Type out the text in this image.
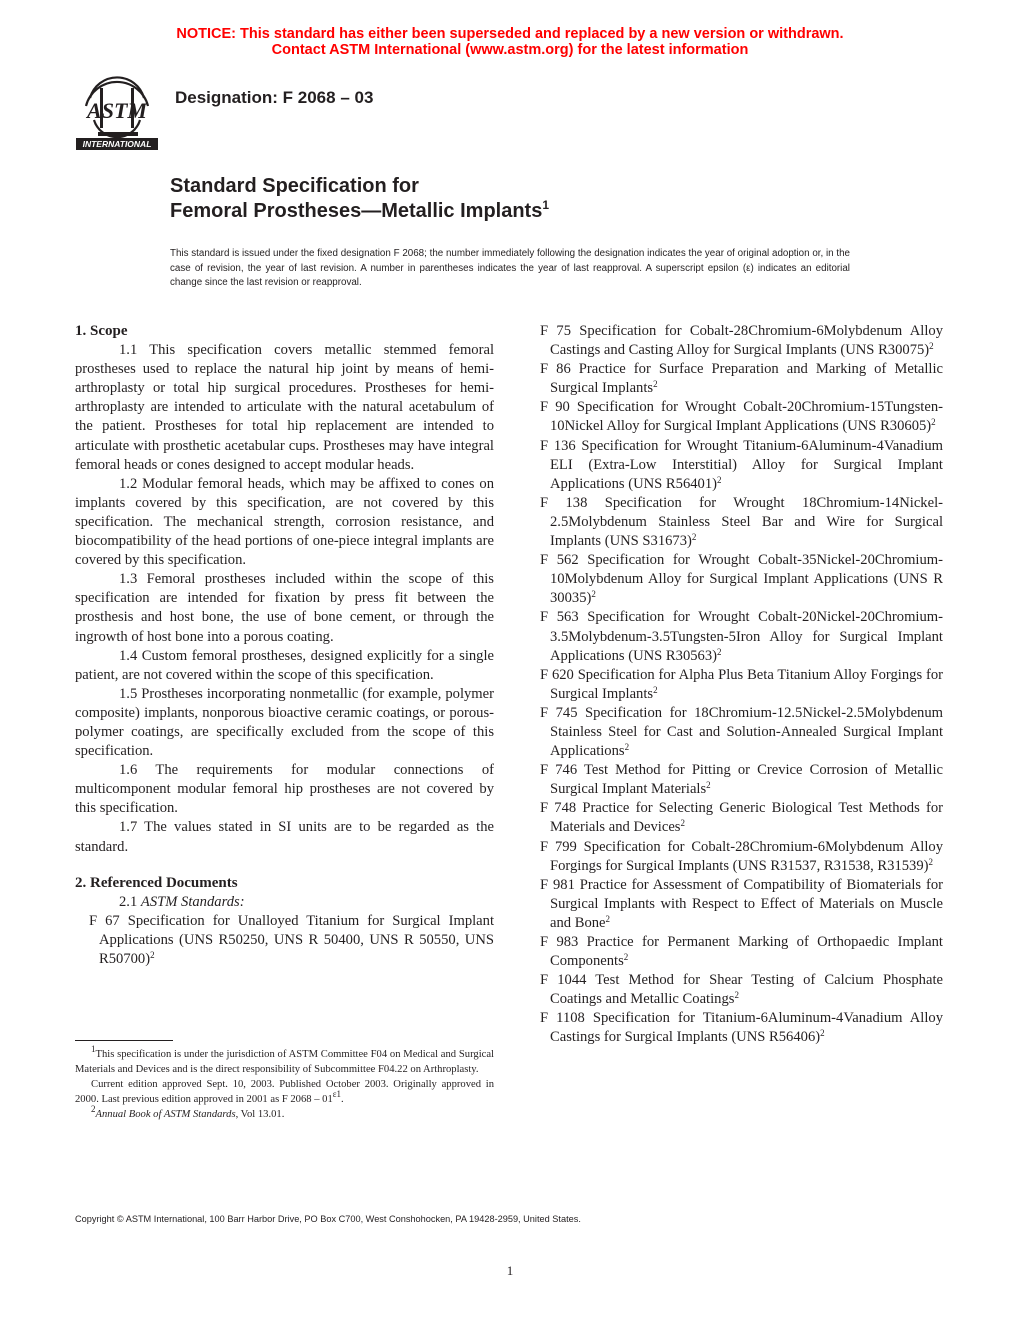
NOTICE: This standard has either been superseded and replaced by a new version or withdrawn.
Contact ASTM International (www.astm.org) for the latest information
ASTM
INTERNATIONAL
Designation: F 2068 – 03
Standard Specification for
Femoral Prostheses—Metallic Implants$^1$
This standard is issued under the fixed designation F 2068; the number immediately following the designation indicates the year of original adoption or, in the case of revision, the year of last revision. A number in parentheses indicates the year of last reapproval. A superscript epsilon (ε) indicates an editorial change since the last revision or reapproval.
1. Scope

1.1 This specification covers metallic stemmed femoral prostheses used to replace the natural hip joint by means of hemi-arthroplasty or total hip surgical procedures. Prostheses for hemi-arthroplasty are intended to articulate with the natural acetabulum of the patient. Prostheses for total hip replacement are intended to articulate with prosthetic acetabular cups. Prostheses may have integral femoral heads or cones designed to accept modular heads.

1.2 Modular femoral heads, which may be affixed to cones on implants covered by this specification, are not covered by this specification. The mechanical strength, corrosion resistance, and biocompatibility of the head portions of one-piece integral implants are covered by this specification.

1.3 Femoral prostheses included within the scope of this specification are intended for fixation by press fit between the prosthesis and host bone, the use of bone cement, or through the ingrowth of host bone into a porous coating.

1.4 Custom femoral prostheses, designed explicitly for a single patient, are not covered within the scope of this specification.

1.5 Prostheses incorporating nonmetallic (for example, polymer composite) implants, nonporous bioactive ceramic coatings, or porous-polymer coatings, are specifically excluded from the scope of this specification.

1.6 The requirements for modular connections of multicomponent modular femoral hip prostheses are not covered by this specification.

1.7 The values stated in SI units are to be regarded as the standard.

2. Referenced Documents

2.1 ASTM Standards:

F 67 Specification for Unalloyed Titanium for Surgical Implant Applications (UNS R50250, UNS R 50400, UNS R 50550, UNS R50700)$^2$

F 75 Specification for Cobalt-28Chromium-6Molybdenum Alloy Castings and Casting Alloy for Surgical Implants (UNS R30075)$^2$

F 86 Practice for Surface Preparation and Marking of Metallic Surgical Implants$^2$

F 90 Specification for Wrought Cobalt-20Chromium-15Tungsten-10Nickel Alloy for Surgical Implant Applications (UNS R30605)$^2$

F 136 Specification for Wrought Titanium-6Aluminum-4Vanadium ELI (Extra-Low Interstitial) Alloy for Surgical Implant Applications (UNS R56401)$^2$

F 138 Specification for Wrought 18Chromium-14Nickel-2.5Molybdenum Stainless Steel Bar and Wire for Surgical Implants (UNS S31673)$^2$

F 562 Specification for Wrought Cobalt-35Nickel-20Chromium-10Molybdenum Alloy for Surgical Implant Applications (UNS R 30035)$^2$

F 563 Specification for Wrought Cobalt-20Nickel-20Chromium-3.5Molybdenum-3.5Tungsten-5Iron Alloy for Surgical Implant Applications (UNS R30563)$^2$

F 620 Specification for Alpha Plus Beta Titanium Alloy Forgings for Surgical Implants$^2$

F 745 Specification for 18Chromium-12.5Nickel-2.5Molybdenum Stainless Steel for Cast and Solution-Annealed Surgical Implant Applications$^2$

F 746 Test Method for Pitting or Crevice Corrosion of Metallic Surgical Implant Materials$^2$

F 748 Practice for Selecting Generic Biological Test Methods for Materials and Devices$^2$

F 799 Specification for Cobalt-28Chromium-6Molybdenum Alloy Forgings for Surgical Implants (UNS R31537, R31538, R31539)$^2$

F 981 Practice for Assessment of Compatibility of Biomaterials for Surgical Implants with Respect to Effect of Materials on Muscle and Bone$^2$

F 983 Practice for Permanent Marking of Orthopaedic Implant Components$^2$

F 1044 Test Method for Shear Testing of Calcium Phosphate Coatings and Metallic Coatings$^2$

F 1108 Specification for Titanium-6Aluminum-4Vanadium Alloy Castings for Surgical Implants (UNS R56406)$^2$

$^1$This specification is under the jurisdiction of ASTM Committee F04 on Medical and Surgical Materials and Devices and is the direct responsibility of Subcommittee F04.22 on Arthroplasty.

Current edition approved Sept. 10, 2003. Published October 2003. Originally approved in 2000. Last previous edition approved in 2001 as F $2068 - 01^{\varepsilon 1}$.

$^2$Annual Book of ASTM Standards, Vol 13.01.

Copyright © ASTM International, 100 Barr Harbor Drive, PO Box C700, West Conshohocken, PA 19428-2959, United States.
1
